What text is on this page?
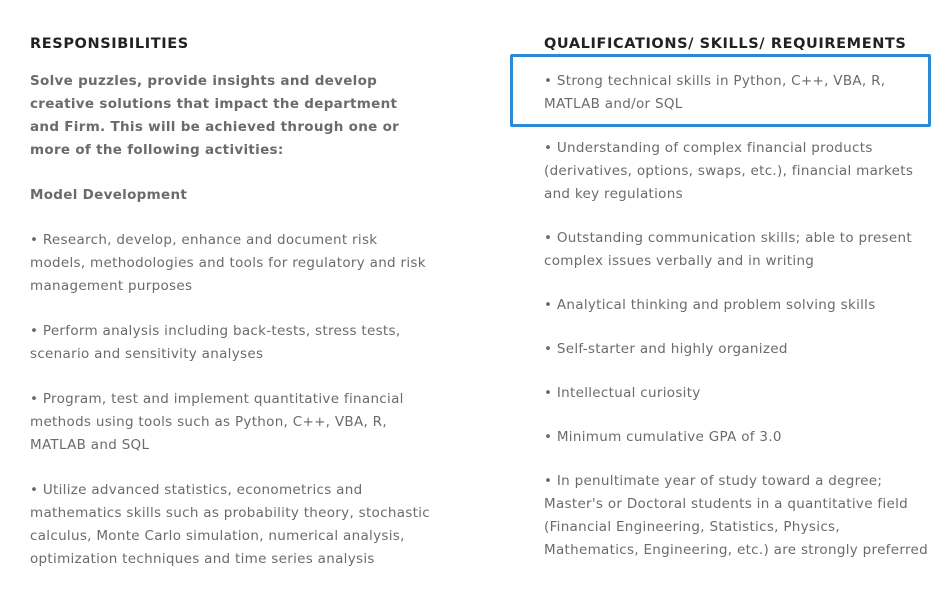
RESPONSIBILITIES

Solve puzzles, provide insights and develop creative solutions that impact the department and Firm. This will be achieved through one or more of the following activities:

Model Development

• Research, develop, enhance and document risk models, methodologies and tools for regulatory and risk management purposes

• Perform analysis including back-tests, stress tests, scenario and sensitivity analyses

• Program, test and implement quantitative financial methods using tools such as Python, C++, VBA, R, MATLAB and SQL

• Utilize advanced statistics, econometrics and mathematics skills such as probability theory, stochastic calculus, Monte Carlo simulation, numerical analysis, optimization techniques and time series analysis

QUALIFICATIONS/ SKILLS/ REQUIREMENTS

• Strong technical skills in Python, C++, VBA, R, MATLAB and/or SQL

• Understanding of complex financial products (derivatives, options, swaps, etc.), financial markets and key regulations

• Outstanding communication skills; able to present complex issues verbally and in writing

• Analytical thinking and problem solving skills

• Self-starter and highly organized

• Intellectual curiosity

• Minimum cumulative GPA of 3.0

• In penultimate year of study toward a degree; Master's or Doctoral students in a quantitative field (Financial Engineering, Statistics, Physics, Mathematics, Engineering, etc.) are strongly preferred
